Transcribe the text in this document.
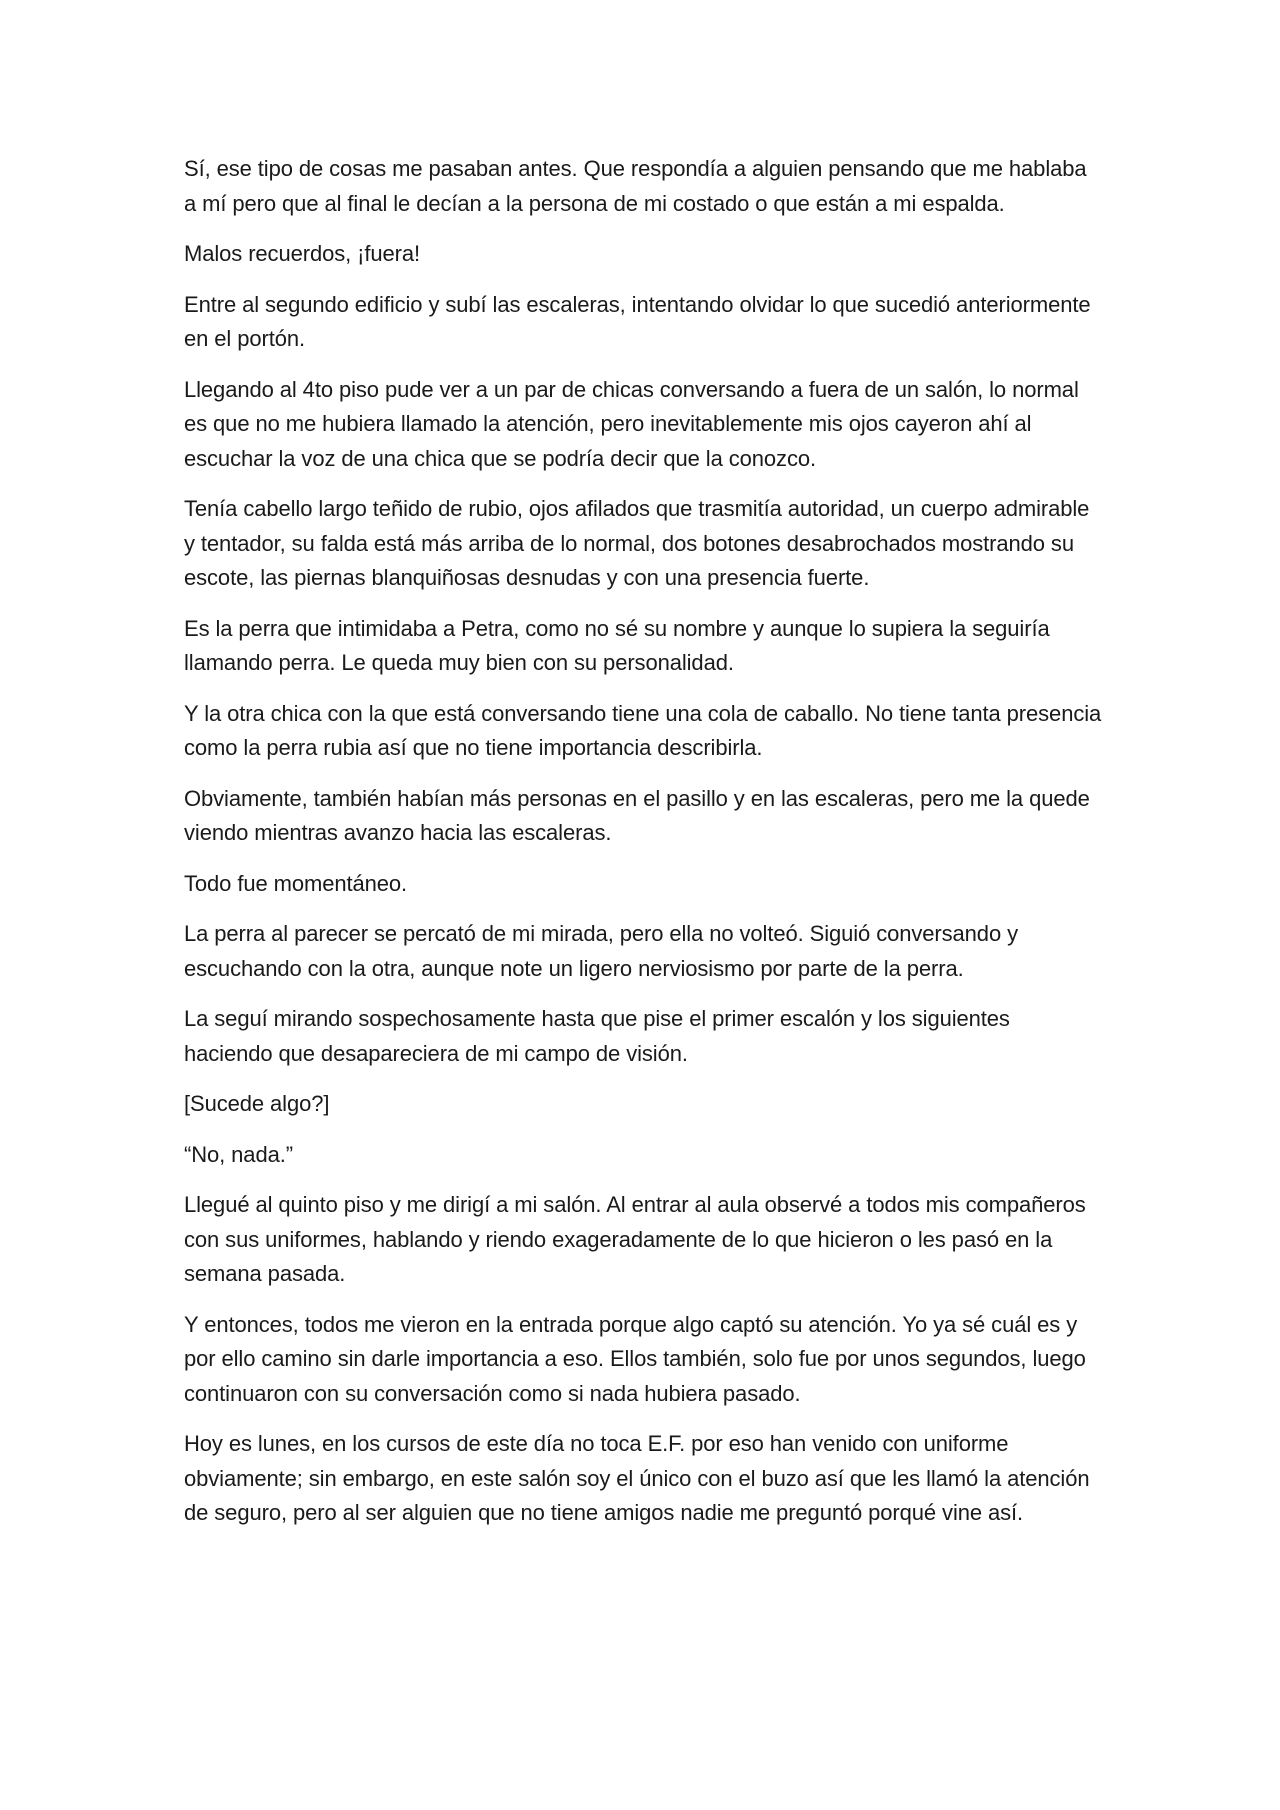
Sí, ese tipo de cosas me pasaban antes. Que respondía a alguien pensando que me hablaba a mí pero que al final le decían a la persona de mi costado o que están a mi espalda.

Malos recuerdos, ¡fuera!

Entre al segundo edificio y subí las escaleras, intentando olvidar lo que sucedió anteriormente en el portón.

Llegando al 4to piso pude ver a un par de chicas conversando a fuera de un salón, lo normal es que no me hubiera llamado la atención, pero inevitablemente mis ojos cayeron ahí al escuchar la voz de una chica que se podría decir que la conozco.

Tenía cabello largo teñido de rubio, ojos afilados que trasmitía autoridad, un cuerpo admirable y tentador, su falda está más arriba de lo normal, dos botones desabrochados mostrando su escote, las piernas blanquiñosas desnudas y con una presencia fuerte.

Es la perra que intimidaba a Petra, como no sé su nombre y aunque lo supiera la seguiría llamando perra. Le queda muy bien con su personalidad.

Y la otra chica con la que está conversando tiene una cola de caballo. No tiene tanta presencia como la perra rubia así que no tiene importancia describirla.

Obviamente, también habían más personas en el pasillo y en las escaleras, pero me la quede viendo mientras avanzo hacia las escaleras.

Todo fue momentáneo.

La perra al parecer se percató de mi mirada, pero ella no volteó. Siguió conversando y escuchando con la otra, aunque note un ligero nerviosismo por parte de la perra.

La seguí mirando sospechosamente hasta que pise el primer escalón y los siguientes haciendo que desapareciera de mi campo de visión.

[Sucede algo?]

“No, nada.”

Llegué al quinto piso y me dirigí a mi salón. Al entrar al aula observé a todos mis compañeros con sus uniformes, hablando y riendo exageradamente de lo que hicieron o les pasó en la semana pasada.

Y entonces, todos me vieron en la entrada porque algo captó su atención. Yo ya sé cuál es y por ello camino sin darle importancia a eso. Ellos también, solo fue por unos segundos, luego continuaron con su conversación como si nada hubiera pasado.

Hoy es lunes, en los cursos de este día no toca E.F. por eso han venido con uniforme obviamente; sin embargo, en este salón soy el único con el buzo así que les llamó la atención de seguro, pero al ser alguien que no tiene amigos nadie me preguntó porqué vine así.
